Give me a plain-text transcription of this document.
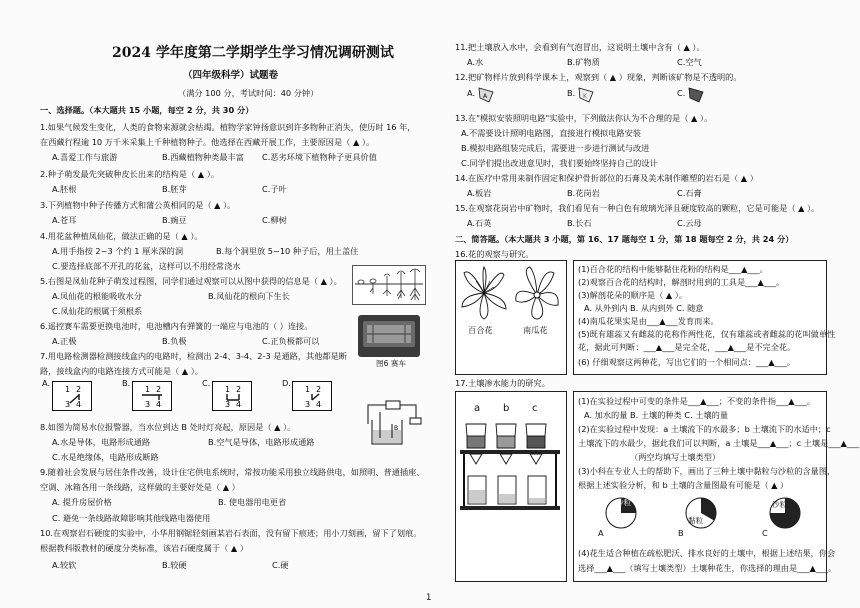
2024 学年度第二学期学生学习情况调研测试
（四年级科学）试题卷
（满分 100 分，考试时间：40 分钟）
一、选择题。（本大题共 15 小题，每空 2 分，共 30 分）
1.如果气候发生变化，人类的食物来源就会枯竭。植物学家钟扬意识到许多物种正消失，使历时 16 年，
在西藏行程逾 10 万千米采集上千种植物种子。他选择在西藏开展工作，主要原因是（ ▲ ）。
A.喜爱工作与旅游	B.西藏植物种类最丰富 C.恶劣环境下植物种子更具价值
2.种子萌发最先突破种皮长出来的结构是（ ▲ ）。
A.胚根	B.胚芽	C.子叶
3.下列植物中种子传播方式和蒲公英相同的是（ ▲ ）。
A.苍耳	B.豌豆	C.柳树
4.用花盆种植凤仙花，做法正确的是（ ▲ ）。
A.用手指按 2~3 个约 1 厘米深的洞	B.每个洞里放 5~10 种子后，用土盖住
C.要选择底部不开孔的花盆，这样可以不用经常浇水
5.右图是凤仙花种子萌发过程图，同学们通过观察可以从图中获得的信息是（ ▲ ）。
A.凤仙花的根能吸收水分	B.凤仙花的根向下生长
C.凤仙花的根属于须根系
6.遥控赛车需要更换电池时，电池槽内有弹簧的一端应与电池的（ ）连接。
A.正极	B.负极	C.正负极都可以
图6 赛车
7.用电路检测器检测接线盒内的电路时，检测出 2-4、3-4、2-3 是通路，其他都是断
路，接线盒内的电路连接方式可能是（ ▲ ）。
A.	B.	C.	D.
1 2
3 4
1 2
3 4
1 2
3 4
1 2
3 4
B
8.如图为简易水位报警器，当水位到达 B 处时灯亮起，原因是（ ▲ ）。
A.水是导体，电路形成通路	B.空气是导体，电路形成通路
C.水是绝缘体，电路形成断路
9.随着社会发展与居住条件改善，设计住宅供电系统时，常按功能采用独立线路供电，如照明、普通插座、
空调、冰箱各用一条线路，这样做的主要好处是（ ▲ ）
A. 提升房屋价格	B. 使电器用电更省
C. 避免一条线路故障影响其他线路电器使用
10.在观察岩石硬度的实验中，小华用钢锯轻刻画某岩石表面，没有留下痕迹；用小刀刻画，留下了划痕。
根据教科版教材的硬度分类标准，该岩石硬度属于（ ▲ ）
A.较软	B.较硬	C.硬
11.把土壤放入水中，会看到有气泡冒出，这说明土壤中含有（ ▲ ）。
A.水	B.矿物质	C.空气
12.把矿物样片放到科学课本上，观察到（ ▲ ）现象，判断该矿物是不透明的。
A.	B.	C.
A	K
13.在"模拟安装照明电路"实验中，下列做法你认为不合理的是（ ▲ ）。
A.不需要设计照明电路图，直接进行模拟电路安装
B.模拟电路组装完成后，需要进一步进行测试与改进
C.同学们提出改进意见时，我们要始终坚持自己的设计
14.在医疗中常用来制作固定和保护骨折部位的石膏及美术制作雕塑的岩石是（ ▲ ）
A.板岩	B.花岗岩	C.石膏
15.在观察花岗岩中矿物时，我们看见有一种白色有玻璃光泽且硬度较高的颗粒，它是可能是（ ▲ ）。
A.石英	B.长石	C.云母
二、简答题。（本大题共 3 小题，第 16、17 题每空 1 分，第 18 题每空 2 分，共 24 分）
16.花的观察与研究。
百合花	南瓜花
(1)百合花的结构中能够黏住花粉的结构是___▲___。
(2)观察百合花的结构时，解剖时用到的工具是___▲___。
(3)解剖花朵的顺序是（ ▲ ）。
A. 从外到内 B. 从内到外 C. 随意
(4)南瓜花果实是由___▲___发育而来。
(5)既有雄蕊又有雌蕊的花称作两性花，仅有雄蕊或者雌蕊的花叫做单性
花，据此可判断：___▲___是完全花，___▲___是不完全花。
(6) 仔细观察这两种花，写出它们的一个相同点：___▲___。
17.土壤渗水能力的研究。
a b c
(1)在实验过程中可变的条件是___▲___；不变的条件指___▲___。
A. 加水的量 B. 土壤的种类 C. 土壤的量
(2)在实验过程中发现：a 土壤流下的水最多；b 土壤流下的水适中；c
土壤流下的水最少，据此我们可以判断，a 土壤是___▲___；c 土壤是___▲___
（两空均填写土壤类型）
(3)小科在专业人士的帮助下，画出了三种土壤中黏粒与沙粒的含量图，
根据上述实验分析，和 b 土壤的含量图最有可能是（ ▲ ）
沙粒
A
黏粒
B
沙粒
C
(4)花生适合种植在疏松肥沃、排水良好的土壤中，根据上述结果，你会
选择___▲___（填写土壤类型）土壤种花生，你选择的理由是___▲___。
1
